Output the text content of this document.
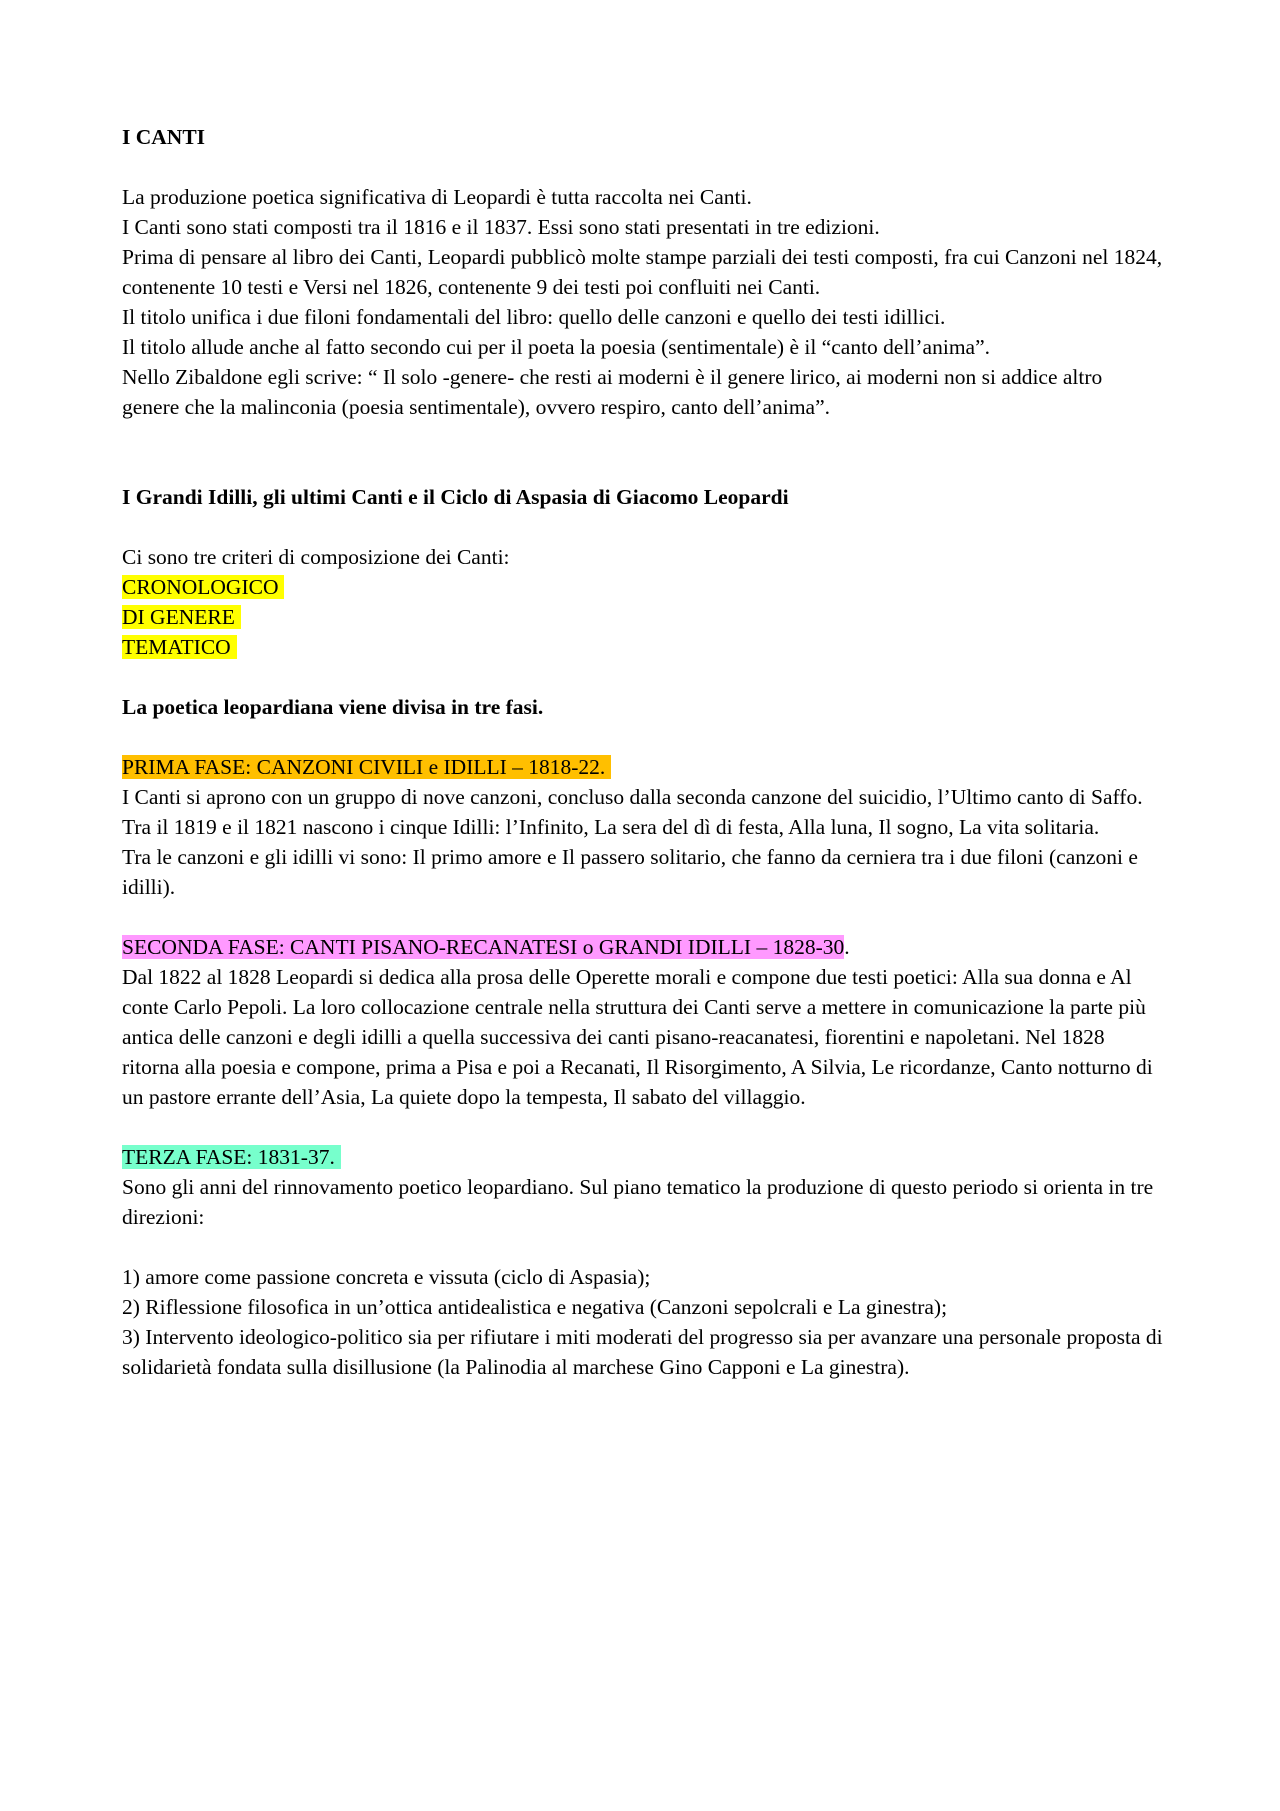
I CANTI

La produzione poetica significativa di Leopardi è tutta raccolta nei Canti.

I Canti sono stati composti tra il 1816 e il 1837. Essi sono stati presentati in tre edizioni.

Prima di pensare al libro dei Canti, Leopardi pubblicò molte stampe parziali dei testi composti, fra cui Canzoni nel 1824, contenente 10 testi e Versi nel 1826, contenente 9 dei testi poi confluiti nei Canti.

Il titolo unifica i due filoni fondamentali del libro: quello delle canzoni e quello dei testi idillici.

Il titolo allude anche al fatto secondo cui per il poeta la poesia (sentimentale) è il “canto dell’anima”.

Nello Zibaldone egli scrive: “ Il solo -genere- che resti ai moderni è il genere lirico, ai moderni non si addice altro genere che la malinconia (poesia sentimentale), ovvero respiro, canto dell’anima”.

I Grandi Idilli, gli ultimi Canti e il Ciclo di Aspasia di Giacomo Leopardi

Ci sono tre criteri di composizione dei Canti:

CRONOLOGICO
DI GENERE
TEMATICO

La poetica leopardiana viene divisa in tre fasi.

PRIMA FASE: CANZONI CIVILI e IDILLI – 1818-22.

I Canti si aprono con un gruppo di nove canzoni, concluso dalla seconda canzone del suicidio, l’Ultimo canto di Saffo. Tra il 1819 e il 1821 nascono i cinque Idilli: l’Infinito, La sera del dì di festa, Alla luna, Il sogno, La vita solitaria.

Tra le canzoni e gli idilli vi sono: Il primo amore e Il passero solitario, che fanno da cerniera tra i due filoni (canzoni e idilli).

SECONDA FASE: CANTI PISANO-RECANATESI o GRANDI IDILLI – 1828-30.

Dal 1822 al 1828 Leopardi si dedica alla prosa delle Operette morali e compone due testi poetici: Alla sua donna e Al conte Carlo Pepoli. La loro collocazione centrale nella struttura dei Canti serve a mettere in comunicazione la parte più antica delle canzoni e degli idilli a quella successiva dei canti pisano-reacanatesi, fiorentini e napoletani. Nel 1828 ritorna alla poesia e compone, prima a Pisa e poi a Recanati, Il Risorgimento, A Silvia, Le ricordanze, Canto notturno di un pastore errante dell’Asia, La quiete dopo la tempesta, Il sabato del villaggio.

TERZA FASE: 1831-37.

Sono gli anni del rinnovamento poetico leopardiano. Sul piano tematico la produzione di questo periodo si orienta in tre direzioni:

1) amore come passione concreta e vissuta (ciclo di Aspasia);

2) Riflessione filosofica in un’ottica antidealistica e negativa (Canzoni sepolcrali e La ginestra);

3) Intervento ideologico-politico sia per rifiutare i miti moderati del progresso sia per avanzare una personale proposta di solidarietà fondata sulla disillusione (la Palinodia al marchese Gino Capponi e La ginestra).
